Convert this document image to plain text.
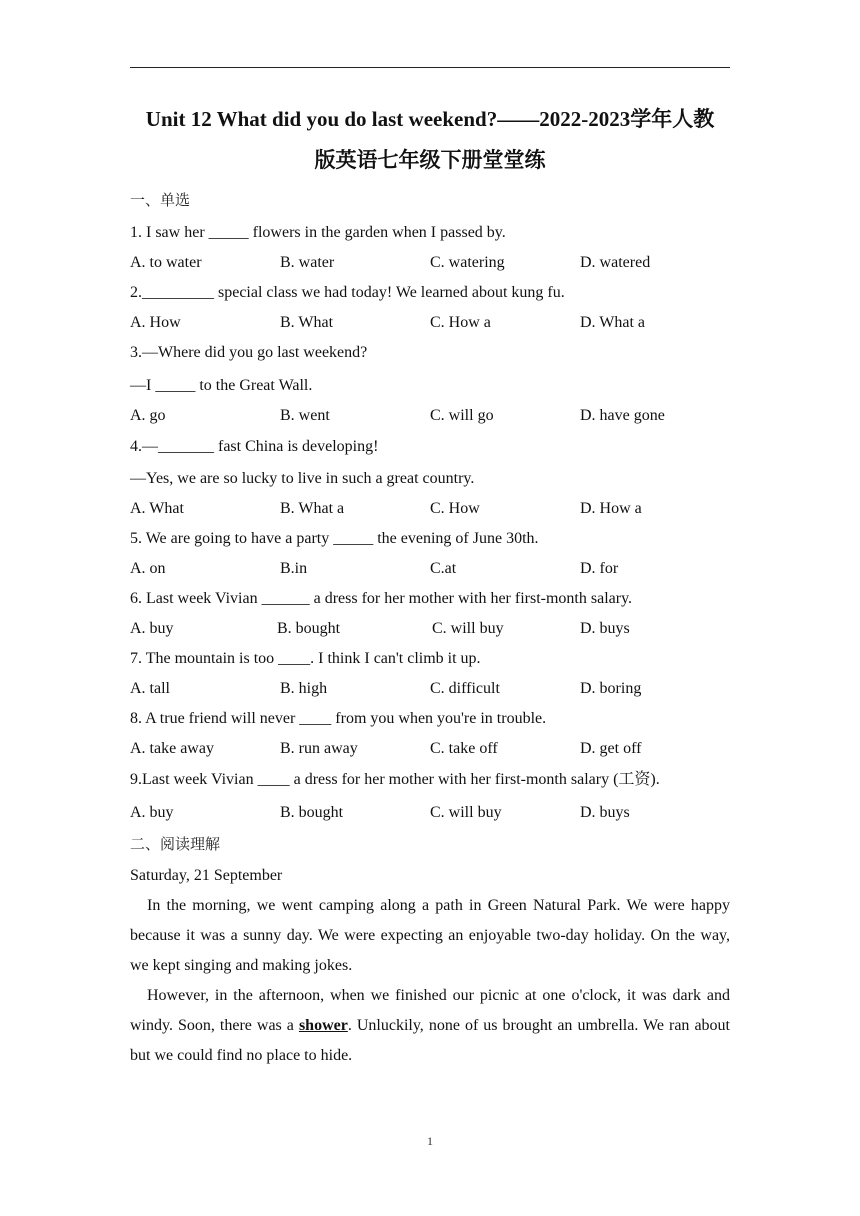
Unit 12 What did you do last weekend?——2022-2023学年人教
版英语七年级下册堂堂练
一、单选
1. I saw her _____ flowers in the garden when I passed by.
A. to water	B. water	C. watering	D. watered
2._________ special class we had today! We learned about kung fu.
A. How	B. What	C. How a	D. What a
3.—Where did you go last weekend?
—I _____ to the Great Wall.
A. go	B. went	C. will go	D. have gone
4.—_______ fast China is developing!
—Yes, we are so lucky to live in such a great country.
A. What	B. What a	C. How	D. How a
5. We are going to have a party _____ the evening of June 30th.
A. on	B.in	C.at	D. for
6. Last week Vivian ______ a dress for her mother with her first-month salary.
A. buy	B. bought	C. will buy	D. buys
7. The mountain is too ____. I think I can't climb it up.
A. tall	B. high	C. difficult	D. boring
8. A true friend will never ____ from you when you're in trouble.
A. take away	B. run away	C. take off	D. get off
9.Last week Vivian ____ a dress for her mother with her first-month salary (工资).
A. buy	B. bought	C. will buy	D. buys
二、阅读理解
Saturday, 21 September
In the morning, we went camping along a path in Green Natural Park. We were happy because it was a sunny day. We were expecting an enjoyable two-day holiday. On the way, we kept singing and making jokes.
However, in the afternoon, when we finished our picnic at one o'clock, it was dark and windy. Soon, there was a shower. Unluckily, none of us brought an umbrella. We ran about but we could find no place to hide.
1
